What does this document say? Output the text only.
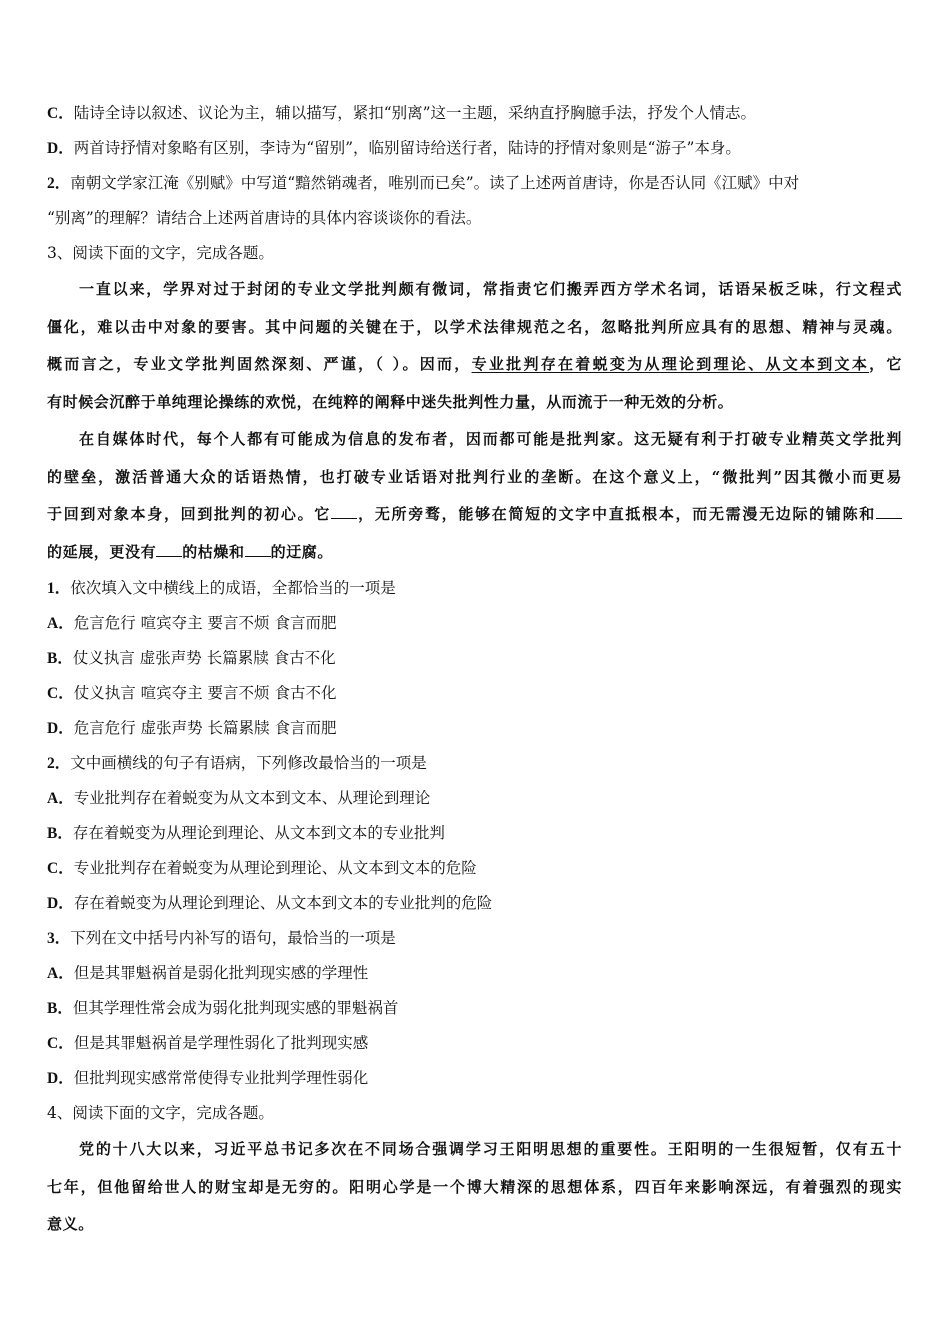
C．陆诗全诗以叙述、议论为主，辅以描写，紧扣“别离”这一主题，采纳直抒胸臆手法，抒发个人情志。
D．两首诗抒情对象略有区别，李诗为“留别”，临别留诗给送行者，陆诗的抒情对象则是“游子”本身。
2．南朝文学家江淹《别赋》中写道“黯然销魂者，唯别而已矣”。读了上述两首唐诗，你是否认同《江赋》中对
“别离”的理解？请结合上述两首唐诗的具体内容谈谈你的看法。
3、阅读下面的文字，完成各题。
一直以来，学界对过于封闭的专业文学批判颇有微词，常指责它们搬弄西方学术名词，话语呆板乏味，行文程式
僵化，难以击中对象的要害。其中问题的关键在于，以学术法律规范之名，忽略批判所应具有的思想、精神与灵魂。
概而言之，专业文学批判固然深刻、严谨，（ ）。因而，专业批判存在着蜕变为从理论到理论、从文本到文本，它
有时候会沉醉于单纯理论操练的欢悦，在纯粹的阐释中迷失批判性力量，从而流于一种无效的分析。
在自媒体时代，每个人都有可能成为信息的发布者，因而都可能是批判家。这无疑有利于打破专业精英文学批判
的壁垒，激活普通大众的话语热情，也打破专业话语对批判行业的垄断。在这个意义上，“微批判”因其微小而更易
于回到对象本身，回到批判的初心。它 ，无所旁骛，能够在简短的文字中直抵根本，而无需漫无边际的铺陈和
的延展，更没有 的枯燥和 的迂腐。
1．依次填入文中横线上的成语，全都恰当的一项是
A．危言危行 喧宾夺主 要言不烦 食言而肥
B．仗义执言 虚张声势 长篇累牍 食古不化
C．仗义执言 喧宾夺主 要言不烦 食古不化
D．危言危行 虚张声势 长篇累牍 食言而肥
2．文中画横线的句子有语病，下列修改最恰当的一项是
A．专业批判存在着蜕变为从文本到文本、从理论到理论
B．存在着蜕变为从理论到理论、从文本到文本的专业批判
C．专业批判存在着蜕变为从理论到理论、从文本到文本的危险
D．存在着蜕变为从理论到理论、从文本到文本的专业批判的危险
3．下列在文中括号内补写的语句，最恰当的一项是
A．但是其罪魁祸首是弱化批判现实感的学理性
B．但其学理性常会成为弱化批判现实感的罪魁祸首
C．但是其罪魁祸首是学理性弱化了批判现实感
D．但批判现实感常常使得专业批判学理性弱化
4、阅读下面的文字，完成各题。
党的十八大以来，习近平总书记多次在不同场合强调学习王阳明思想的重要性。王阳明的一生很短暂，仅有五十
七年，但他留给世人的财宝却是无穷的。阳明心学是一个博大精深的思想体系，四百年来影响深远，有着强烈的现实
意义。
